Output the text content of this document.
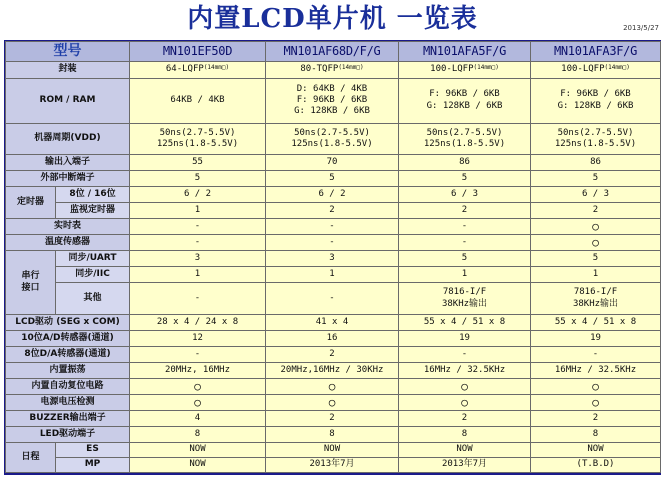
内置LCD单片机 一览表	2013/5/27
型号		MN101EF50D	MN101AF68D/F/G	MN101AFA5F/G	MN101AFA3F/G
封装		64-LQFP$^{(14mm□)}$	80-TQFP$^{(14mm□)}$	100-LQFP$^{(14mm□)}$	100-LQFP$^{(14mm□)}$
ROM / RAM		64KB / 4KB	D: 64KB / 4KB
F: 96KB / 6KB
G: 128KB / 6KB	F: 96KB / 6KB
G: 128KB / 6KB	F: 96KB / 6KB
G: 128KB / 6KB

机器周期(VDD)		50ns(2.7-5.5V)
125ns(1.8-5.5V)	50ns(2.7-5.5V)
125ns(1.8-5.5V)	50ns(2.7-5.5V)
125ns(1.8-5.5V)	50ns(2.7-5.5V)
125ns(1.8-5.5V)

输出入端子		55	70	86	86
外部中断端子		5	5	5	5
定时器	8位 / 16位	6 / 2	6 / 2	6 / 3	6 / 3
	监视定时器	1	2	2	2
实时表		-	-	-	○
温度传感器		-	-	-	○

串行
接口	同步/UART	3	3	5	5
	同步/IIC	1	1	1	1
	其他	-	-	7816-I/F
38KHz输出	7816-I/F
38KHz输出

LCD驱动 (SEG x COM)		28 x 4 / 24 x 8	41 x 4	55 x 4 / 51 x 8	55 x 4 / 51 x 8
10位A/D转感器(通道)		12	16	19	19
8位D/A转感器(通道)		-	2	-	-
内置振荡		20MHz, 16MHz	20MHz,16MHz / 30KHz	16MHz / 32.5KHz	16MHz / 32.5KHz
内置自动复位电路		○	○	○	○
电源电压检测		○	○	○	○
BUZZER输出端子		4	2	2	2
LED驱动端子		8	8	8	8
日程	ES	NOW	NOW	NOW	NOW
	MP	NOW	2013年7月	2013年7月	(T.B.D)
